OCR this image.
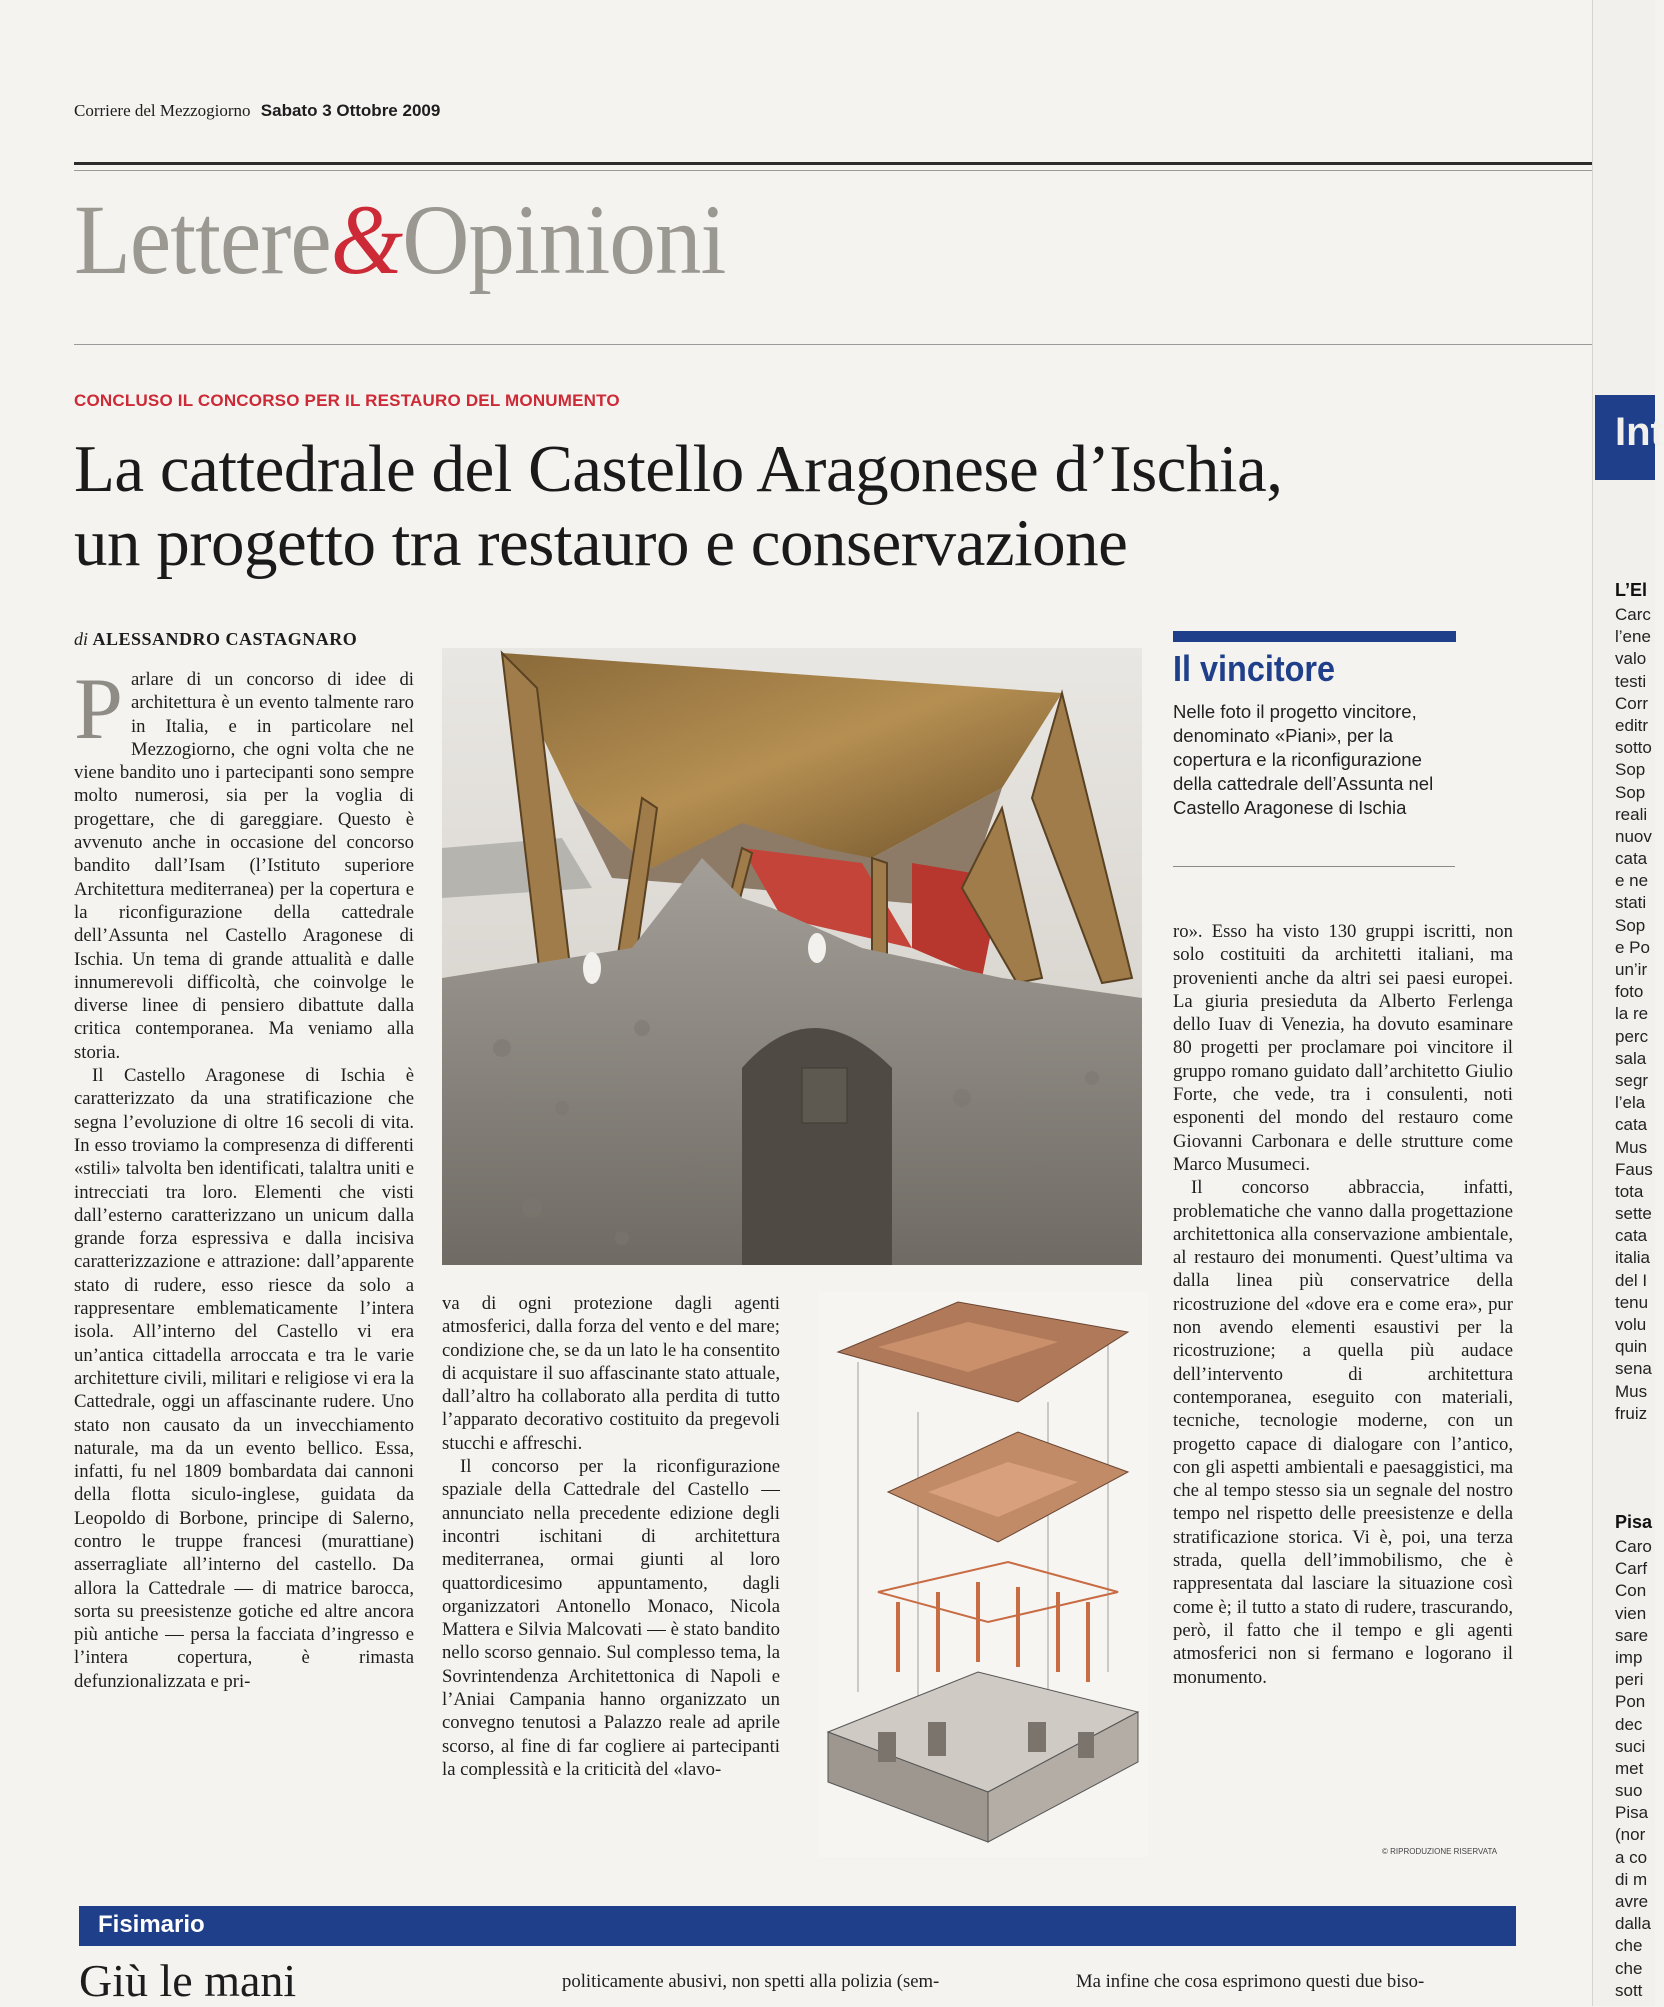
Corriere del Mezzogiorno Sabato 3 Ottobre 2009
Lettere&Opinioni
CONCLUSO IL CONCORSO PER IL RESTAURO DEL MONUMENTO
La cattedrale del Castello Aragonese d’Ischia,
un progetto tra restauro e conservazione
di ALESSANDRO CASTAGNARO

Parlare di un concorso di idee di architettura è un evento talmente raro in Italia, e in particolare nel Mezzogiorno, che ogni volta che ne viene bandito uno i partecipanti sono sempre molto numerosi, sia per la voglia di progettare, che di gareggiare. Questo è avvenuto anche in occasione del concorso bandito dall’Isam (l’Istituto superiore Architettura mediterranea) per la copertura e la riconfigurazione della cattedrale dell’Assunta nel Castello Aragonese di Ischia. Un tema di grande attualità e dalle innumerevoli difficoltà, che coinvolge le diverse linee di pensiero dibattute dalla critica contemporanea. Ma veniamo alla storia.

Il Castello Aragonese di Ischia è caratterizzato da una stratificazione che segna l’evoluzione di oltre 16 secoli di vita. In esso troviamo la compresenza di differenti «stili» talvolta ben identificati, talaltra uniti e intrecciati tra loro. Elementi che visti dall’esterno caratterizzano un unicum dalla grande forza espressiva e dalla incisiva caratterizzazione e attrazione: dall’apparente stato di rudere, esso riesce da solo a rappresentare emblematicamente l’intera isola. All’interno del Castello vi era un’antica cittadella arroccata e tra le varie architetture civili, militari e religiose vi era la Cattedrale, oggi un affascinante rudere. Uno stato non causato da un invecchiamento naturale, ma da un evento bellico. Essa, infatti, fu nel 1809 bombardata dai cannoni della flotta siculo-inglese, guidata da Leopoldo di Borbone, principe di Salerno, contro le truppe francesi (murattiane) asserragliate all’interno del castello. Da allora la Cattedrale — di matrice barocca, sorta su preesistenze gotiche ed altre ancora più antiche — persa la facciata d’ingresso e l’intera copertura, è rimasta defunzionalizzata e pri-

va di ogni protezione dagli agenti atmosferici, dalla forza del vento e del mare; condizione che, se da un lato le ha consentito di acquistare il suo affascinante stato attuale, dall’altro ha collaborato alla perdita di tutto l’apparato decorativo costituito da pregevoli stucchi e affreschi.

Il concorso per la riconfigurazione spaziale della Cattedrale del Castello — annunciato nella precedente edizione degli incontri ischitani di architettura mediterranea, ormai giunti al loro quattordicesimo appuntamento, dagli organizzatori Antonello Monaco, Nicola Mattera e Silvia Malcovati — è stato bandito nello scorso gennaio. Sul complesso tema, la Sovrintendenza Architettonica di Napoli e l’Aniai Campania hanno organizzato un convegno tenutosi a Palazzo reale ad aprile scorso, al fine di far cogliere ai partecipanti la complessità e la criticità del «lavo-

Il vincitore
Nelle foto il progetto vincitore, denominato «Piani», per la copertura e la riconfigurazione della cattedrale dell’Assunta nel Castello Aragonese di Ischia

ro». Esso ha visto 130 gruppi iscritti, non solo costituiti da architetti italiani, ma provenienti anche da altri sei paesi europei. La giuria presieduta da Alberto Ferlenga dello Iuav di Venezia, ha dovuto esaminare 80 progetti per proclamare poi vincitore il gruppo romano guidato dall’architetto Giulio Forte, che vede, tra i consulenti, noti esponenti del mondo del restauro come Giovanni Carbonara e delle strutture come Marco Musumeci.

Il concorso abbraccia, infatti, problematiche che vanno dalla progettazione architettonica alla conservazione ambientale, al restauro dei monumenti. Quest’ultima va dalla linea più conservatrice della ricostruzione del «dove era e come era», pur non avendo elementi esaustivi per la ricostruzione; a quella più audace dell’intervento di architettura contemporanea, eseguito con materiali, tecniche, tecnologie moderne, con un progetto capace di dialogare con l’antico, con gli aspetti ambientali e paesaggistici, ma che al tempo stesso sia un segnale del nostro tempo nel rispetto delle preesistenze e della stratificazione storica. Vi è, poi, una terza strada, quella dell’immobilismo, che è rappresentata dal lasciare la situazione così come è; il tutto a stato di rudere, trascurando, però, il fatto che il tempo e gli agenti atmosferici non si fermano e logorano il monumento.

© RIPRODUZIONE RISERVATA
Fisimario
Giù le mani	politicamente abusivi, non spetti alla polizia (sem-	Ma infine che cosa esprimono questi due biso-
Int
L’El
Carc
l’ene
valo
testi
Corr
editr
sotto
Sop
Sop
reali
nuov
cata
e ne
stati
Sop
e Po
un’ir
foto
la re
perc
sala
segr
l’ela
cata
Mus
Faus
tota
sette
cata
italia
del I
tenu
volu
quin
sena
Mus
fruiz
Pisa
Caro
Carf
Con
vien
sare
imp
peri
Pon
dec
suci
met
suo
Pisa
(nor
a co
di m
avre
dalla
che
che
sott
